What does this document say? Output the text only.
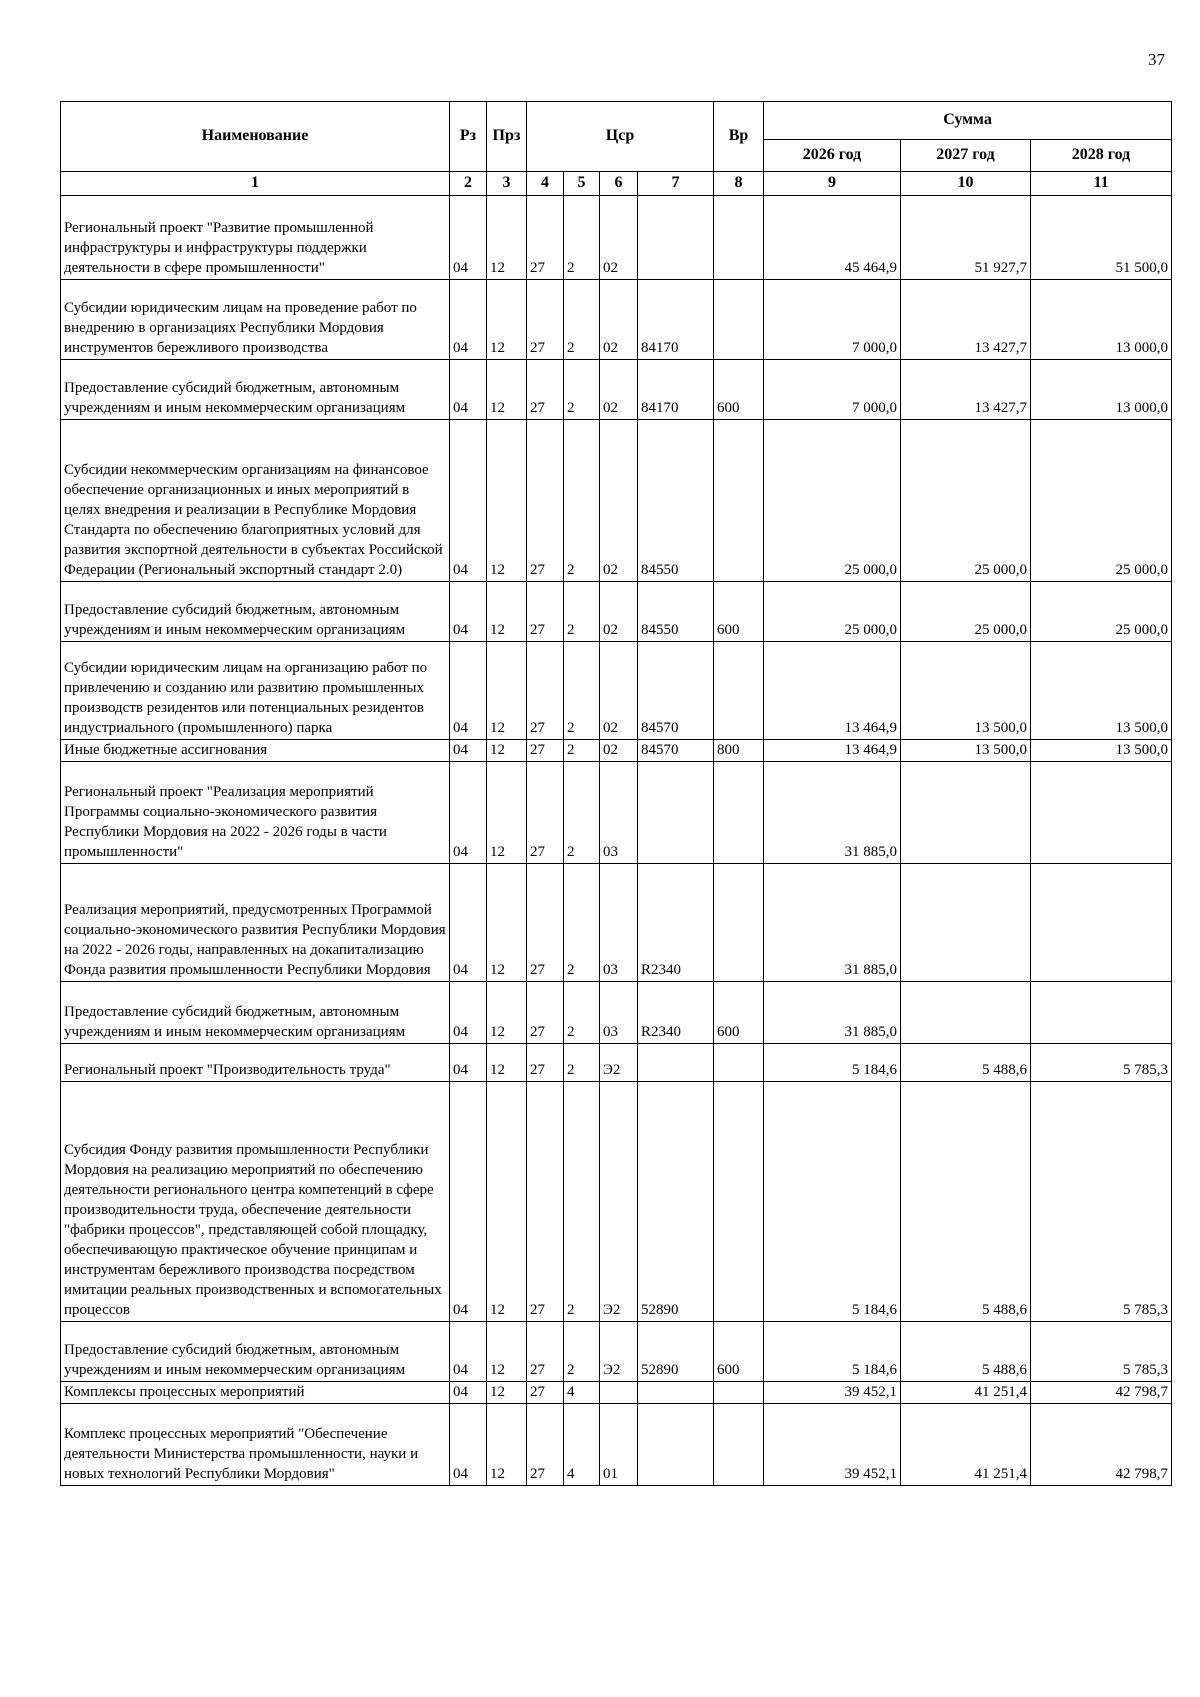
37
Наименование	Рз	Прз	Цср				Вр	Сумма		
								2026 год	2027 год	2028 год
1	2	3	4	5	6	7	8	9	10	11
Региональный проект "Развитие промышленной инфраструктуры и инфраструктуры поддержки деятельности в сфере промышленности"	04	12	27	2	02			45 464,9	51 927,7	51 500,0
Субсидии юридическим лицам на проведение работ по внедрению в организациях Республики Мордовия инструментов бережливого производства	04	12	27	2	02	84170		7 000,0	13 427,7	13 000,0
Предоставление субсидий бюджетным, автономным учреждениям и иным некоммерческим организациям	04	12	27	2	02	84170	600	7 000,0	13 427,7	13 000,0
Субсидии некоммерческим организациям на финансовое обеспечение организационных и иных мероприятий в целях внедрения и реализации в Республике Мордовия Стандарта по обеспечению благоприятных условий для развития экспортной деятельности в субъектах Российской Федерации (Региональный экспортный стандарт 2.0)	04	12	27	2	02	84550		25 000,0	25 000,0	25 000,0
Предоставление субсидий бюджетным, автономным учреждениям и иным некоммерческим организациям	04	12	27	2	02	84550	600	25 000,0	25 000,0	25 000,0
Субсидии юридическим лицам на организацию работ по привлечению и созданию или развитию промышленных производств резидентов или потенциальных резидентов индустриального (промышленного) парка	04	12	27	2	02	84570		13 464,9	13 500,0	13 500,0
Иные бюджетные ассигнования	04	12	27	2	02	84570	800	13 464,9	13 500,0	13 500,0
Региональный проект "Реализация мероприятий Программы социально-экономического развития Республики Мордовия на 2022 - 2026 годы в части промышленности"	04	12	27	2	03			31 885,0		
Реализация мероприятий, предусмотренных Программой социально-экономического развития Республики Мордовия на 2022 - 2026 годы, направленных на докапитализацию Фонда развития промышленности Республики Мордовия	04	12	27	2	03	R2340		31 885,0		
Предоставление субсидий бюджетным, автономным учреждениям и иным некоммерческим организациям	04	12	27	2	03	R2340	600	31 885,0		
Региональный проект "Производительность труда"	04	12	27	2	Э2			5 184,6	5 488,6	5 785,3
Субсидия Фонду развития промышленности Республики Мордовия на реализацию мероприятий по обеспечению деятельности регионального центра компетенций в сфере производительности труда, обеспечение деятельности "фабрики процессов", представляющей собой площадку, обеспечивающую практическое обучение принципам и инструментам бережливого производства посредством имитации реальных производственных и вспомогательных процессов	04	12	27	2	Э2	52890		5 184,6	5 488,6	5 785,3
Предоставление субсидий бюджетным, автономным учреждениям и иным некоммерческим организациям	04	12	27	2	Э2	52890	600	5 184,6	5 488,6	5 785,3
Комплексы процессных мероприятий	04	12	27	4				39 452,1	41 251,4	42 798,7
Комплекс процессных мероприятий "Обеспечение деятельности Министерства промышленности, науки и новых технологий Республики Мордовия"	04	12	27	4	01			39 452,1	41 251,4	42 798,7
